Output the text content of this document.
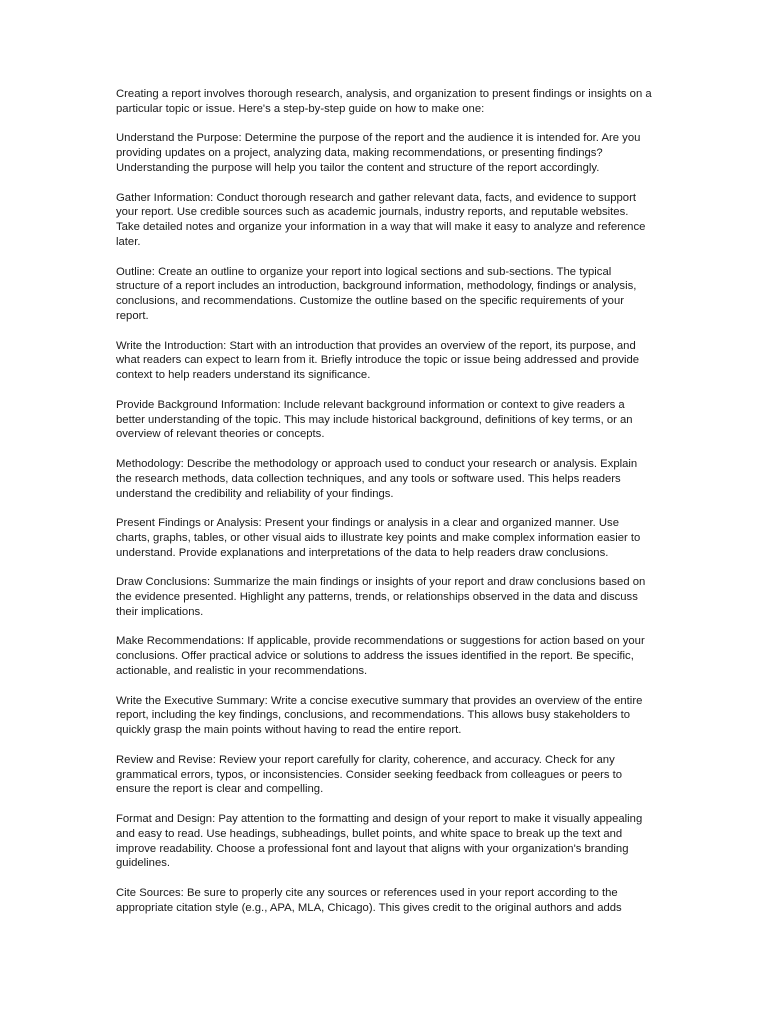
Creating a report involves thorough research, analysis, and organization to present findings or insights on a particular topic or issue. Here's a step-by-step guide on how to make one:

Understand the Purpose: Determine the purpose of the report and the audience it is intended for. Are you providing updates on a project, analyzing data, making recommendations, or presenting findings? Understanding the purpose will help you tailor the content and structure of the report accordingly.

Gather Information: Conduct thorough research and gather relevant data, facts, and evidence to support your report. Use credible sources such as academic journals, industry reports, and reputable websites. Take detailed notes and organize your information in a way that will make it easy to analyze and reference later.

Outline: Create an outline to organize your report into logical sections and sub-sections. The typical structure of a report includes an introduction, background information, methodology, findings or analysis, conclusions, and recommendations. Customize the outline based on the specific requirements of your report.

Write the Introduction: Start with an introduction that provides an overview of the report, its purpose, and what readers can expect to learn from it. Briefly introduce the topic or issue being addressed and provide context to help readers understand its significance.

Provide Background Information: Include relevant background information or context to give readers a better understanding of the topic. This may include historical background, definitions of key terms, or an overview of relevant theories or concepts.

Methodology: Describe the methodology or approach used to conduct your research or analysis. Explain the research methods, data collection techniques, and any tools or software used. This helps readers understand the credibility and reliability of your findings.

Present Findings or Analysis: Present your findings or analysis in a clear and organized manner. Use charts, graphs, tables, or other visual aids to illustrate key points and make complex information easier to understand. Provide explanations and interpretations of the data to help readers draw conclusions.

Draw Conclusions: Summarize the main findings or insights of your report and draw conclusions based on the evidence presented. Highlight any patterns, trends, or relationships observed in the data and discuss their implications.

Make Recommendations: If applicable, provide recommendations or suggestions for action based on your conclusions. Offer practical advice or solutions to address the issues identified in the report. Be specific, actionable, and realistic in your recommendations.

Write the Executive Summary: Write a concise executive summary that provides an overview of the entire report, including the key findings, conclusions, and recommendations. This allows busy stakeholders to quickly grasp the main points without having to read the entire report.

Review and Revise: Review your report carefully for clarity, coherence, and accuracy. Check for any grammatical errors, typos, or inconsistencies. Consider seeking feedback from colleagues or peers to ensure the report is clear and compelling.

Format and Design: Pay attention to the formatting and design of your report to make it visually appealing and easy to read. Use headings, subheadings, bullet points, and white space to break up the text and improve readability. Choose a professional font and layout that aligns with your organization's branding guidelines.

Cite Sources: Be sure to properly cite any sources or references used in your report according to the appropriate citation style (e.g., APA, MLA, Chicago). This gives credit to the original authors and adds
